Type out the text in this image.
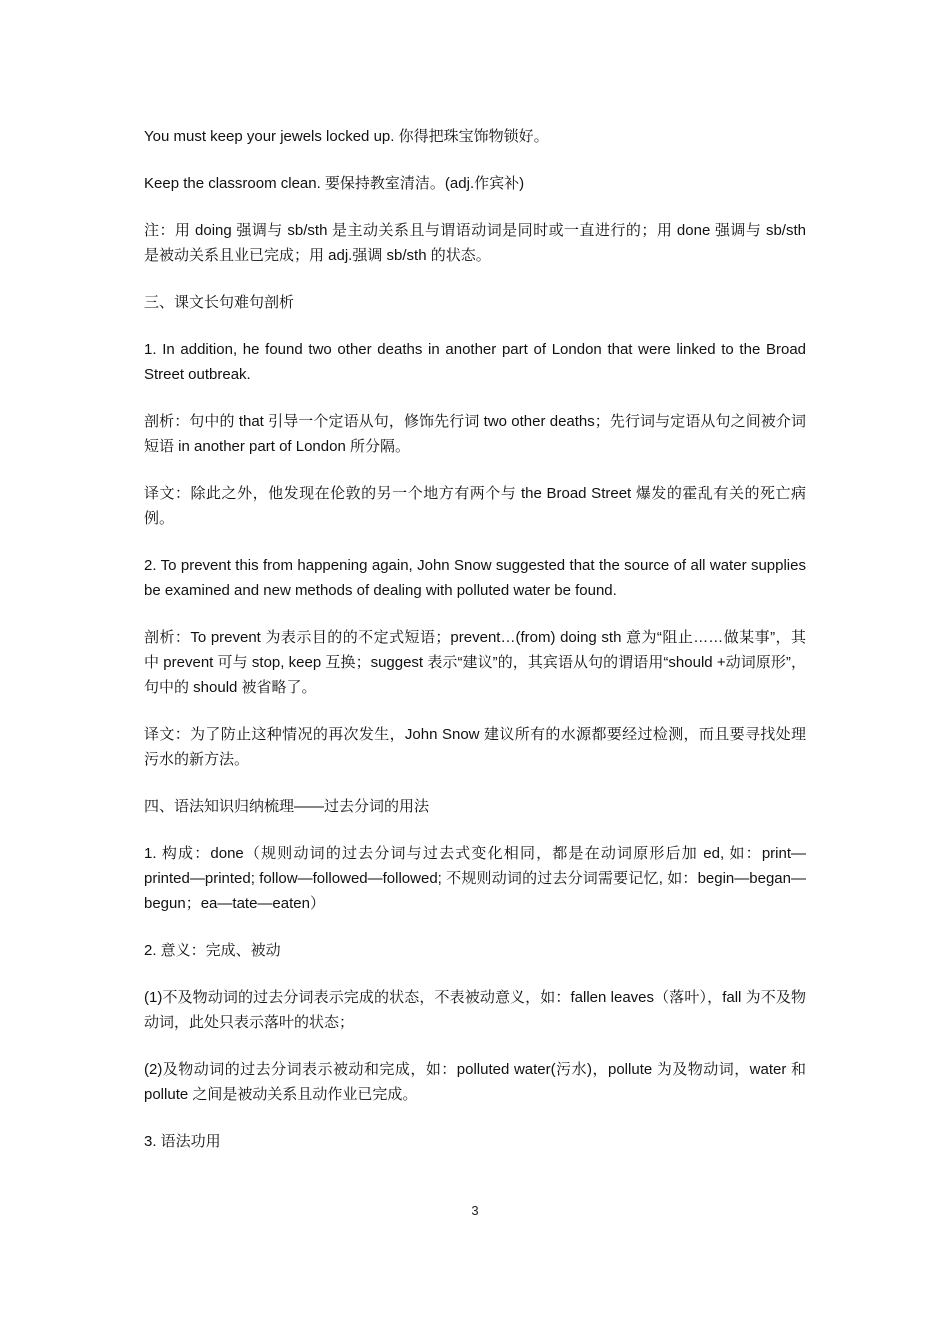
You must keep your jewels locked up. 你得把珠宝饰物锁好。

Keep the classroom clean. 要保持教室清洁。(adj.作宾补)

注：用 doing 强调与 sb/sth 是主动关系且与谓语动词是同时或一直进行的；用 done 强调与 sb/sth 是被动关系且业已完成；用 adj.强调 sb/sth 的状态。

三、课文长句难句剖析

1. In addition, he found two other deaths in another part of London that were linked to the Broad Street outbreak.

剖析：句中的 that 引导一个定语从句，修饰先行词 two other deaths；先行词与定语从句之间被介词短语 in another part of London 所分隔。

译文：除此之外，他发现在伦敦的另一个地方有两个与 the Broad Street 爆发的霍乱有关的死亡病例。

2. To prevent this from happening again, John Snow suggested that the source of all water supplies be examined and new methods of dealing with polluted water be found.

剖析：To prevent 为表示目的的不定式短语；prevent…(from) doing sth 意为“阻止……做某事”，其中 prevent 可与 stop, keep 互换；suggest 表示“建议”的，其宾语从句的谓语用“should +动词原形”，句中的 should 被省略了。

译文：为了防止这种情况的再次发生，John Snow 建议所有的水源都要经过检测，而且要寻找处理污水的新方法。

四、语法知识归纳梳理——过去分词的用法

1. 构成：done（规则动词的过去分词与过去式变化相同，都是在动词原形后加 ed, 如：print—printed—printed; follow—followed—followed; 不规则动词的过去分词需要记忆, 如：begin—began—begun；ea—tate—eaten）

2. 意义：完成、被动

(1)不及物动词的过去分词表示完成的状态，不表被动意义，如：fallen leaves（落叶），fall 为不及物动词，此处只表示落叶的状态；

(2)及物动词的过去分词表示被动和完成，如：polluted water(污水)，pollute 为及物动词，water 和 pollute 之间是被动关系且动作业已完成。

3. 语法功用

3
